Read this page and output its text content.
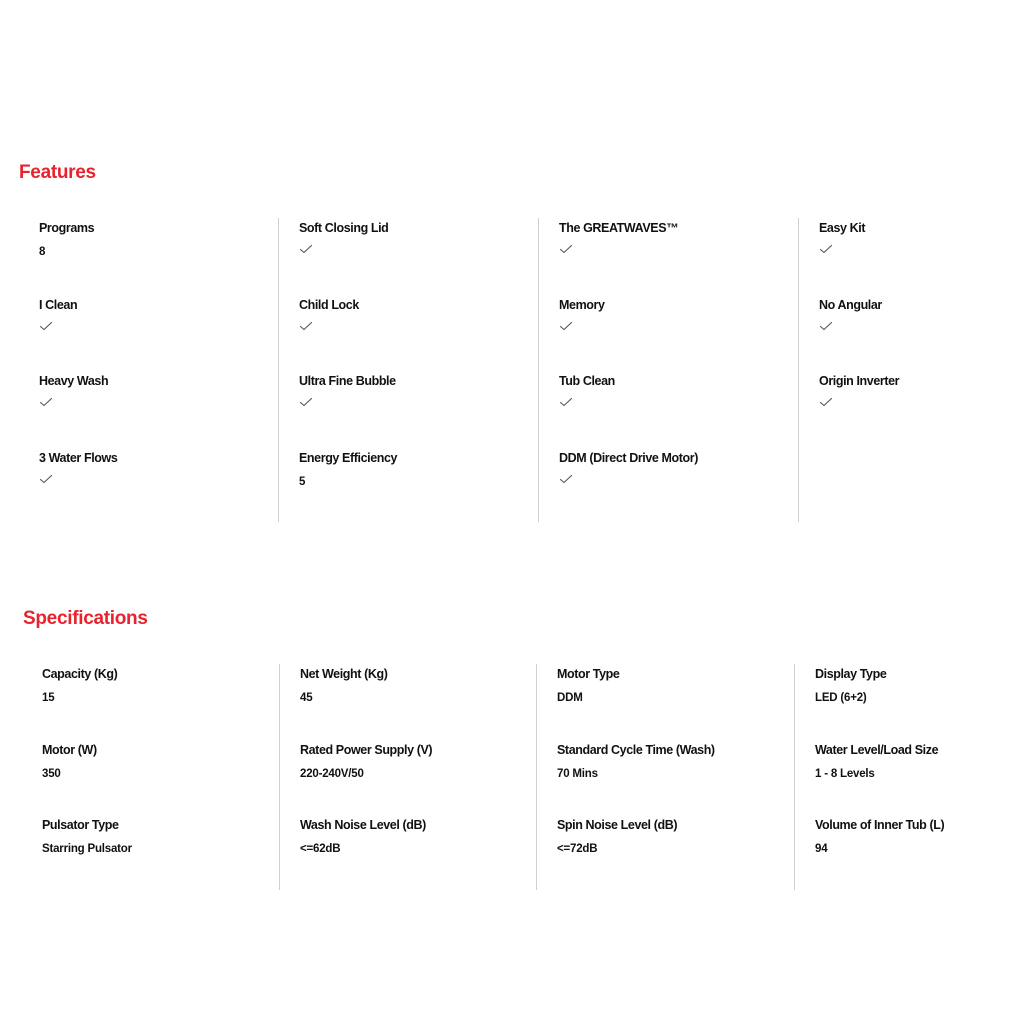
Features
Programs
8
I Clean
Heavy Wash
3 Water Flows
Soft Closing Lid
Child Lock
Ultra Fine Bubble
Energy Efficiency
5
The GREATWAVES™
Memory
Tub Clean
DDM (Direct Drive Motor)
Easy Kit
No Angular
Origin Inverter
Specifications
Capacity (Kg)
15
Motor (W)
350
Pulsator Type
Starring Pulsator
Net Weight (Kg)
45
Rated Power Supply (V)
220-240V/50
Wash Noise Level (dB)
<=62dB
Motor Type
DDM
Standard Cycle Time (Wash)
70 Mins
Spin Noise Level (dB)
<=72dB
Display Type
LED (6+2)
Water Level/Load Size
1 - 8 Levels
Volume of Inner Tub (L)
94
